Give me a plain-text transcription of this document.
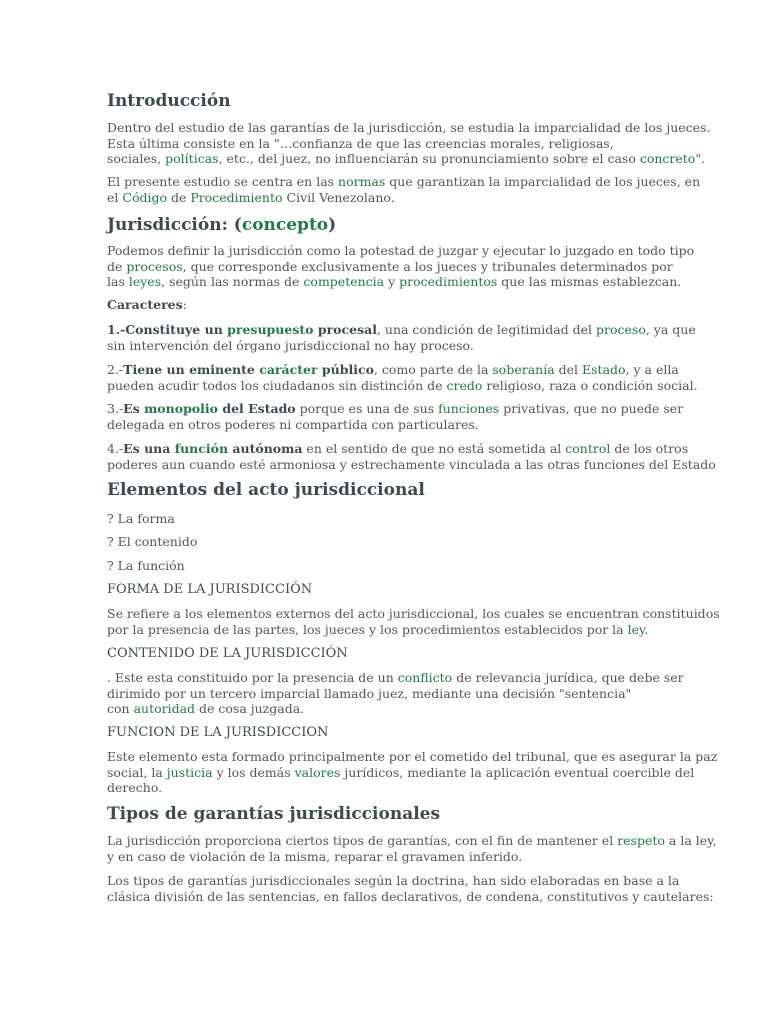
Introducción
Dentro del estudio de las garantías de la jurisdicción, se estudia la imparcialidad de los jueces.
Esta última consiste en la "…confianza de que las creencias morales, religiosas,
sociales, políticas, etc., del juez, no influenciarán su pronunciamiento sobre el caso concreto".
El presente estudio se centra en las normas que garantizan la imparcialidad de los jueces, en
el Código de Procedimiento Civil Venezolano.
Jurisdicción: (concepto)
Podemos definir la jurisdicción como la potestad de juzgar y ejecutar lo juzgado en todo tipo
de procesos, que corresponde exclusivamente a los jueces y tribunales determinados por
las leyes, según las normas de competencia y procedimientos que las mismas establezcan.
Caracteres:
1.-Constituye un presupuesto procesal, una condición de legitimidad del proceso, ya que
sin intervención del órgano jurisdiccional no hay proceso.
2.-Tiene un eminente carácter público, como parte de la soberanía del Estado, y a ella
pueden acudir todos los ciudadanos sin distinción de credo religioso, raza o condición social.
3.-Es monopolio del Estado porque es una de sus funciones privativas, que no puede ser
delegada en otros poderes ni compartida con particulares.
4.-Es una función autónoma en el sentido de que no está sometida al control de los otros
poderes aun cuando esté armoniosa y estrechamente vinculada a las otras funciones del Estado
Elementos del acto jurisdiccional
? La forma
? El contenido
? La función
FORMA DE LA JURISDICCIÓN
Se refiere a los elementos externos del acto jurisdiccional, los cuales se encuentran constituidos
por la presencia de las partes, los jueces y los procedimientos establecidos por la ley.
CONTENIDO DE LA JURISDICCIÓN
. Este esta constituido por la presencia de un conflicto de relevancia jurídica, que debe ser
dirimido por un tercero imparcial llamado juez, mediante una decisión "sentencia"
con autoridad de cosa juzgada.
FUNCION DE LA JURISDICCION
Este elemento esta formado principalmente por el cometido del tribunal, que es asegurar la paz
social, la justicia y los demás valores jurídicos, mediante la aplicación eventual coercible del
derecho.
Tipos de garantías jurisdiccionales
La jurisdicción proporciona ciertos tipos de garantías, con el fin de mantener el respeto a la ley,
y en caso de violación de la misma, reparar el gravamen inferido.
Los tipos de garantías jurisdiccionales según la doctrina, han sido elaboradas en base a la
clásica división de las sentencias, en fallos declarativos, de condena, constitutivos y cautelares:
